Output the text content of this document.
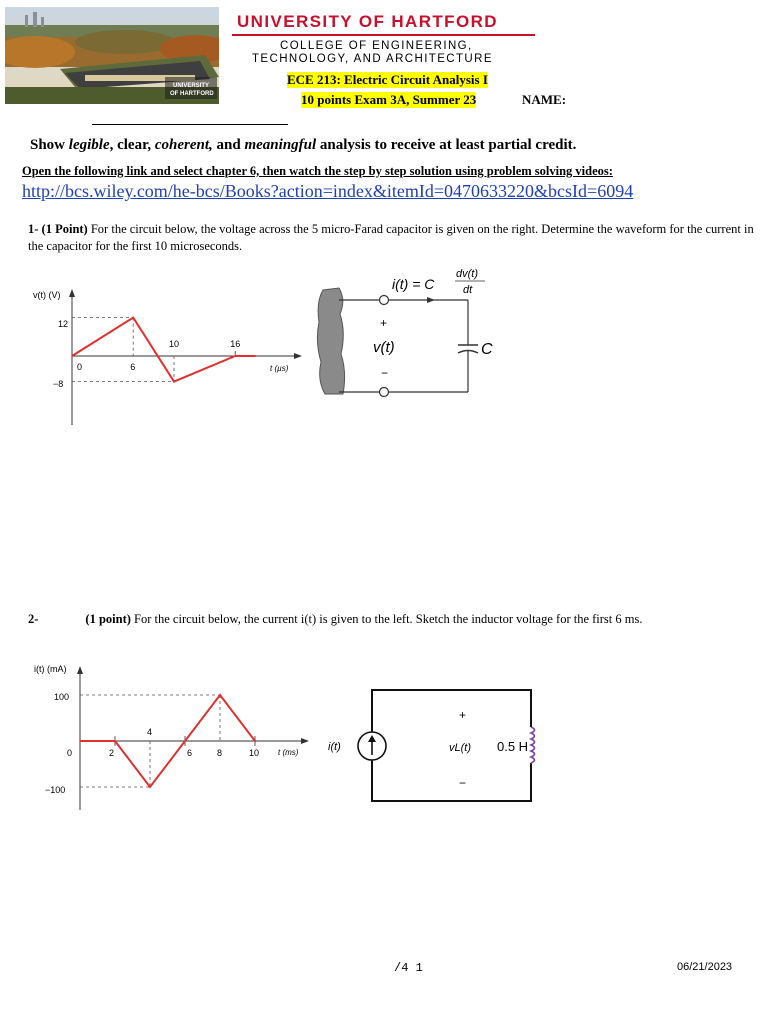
UNIVERSITY
OF HARTFORD
UNIVERSITY OF HARTFORD
COLLEGE OF ENGINEERING,
TECHNOLOGY, AND ARCHITECTURE
ECE 213: Electric Circuit Analysis I
10 points Exam 3A, Summer 23	NAME:
Show legible, clear, coherent, and meaningful analysis to receive at least partial credit.
Open the following link and select chapter 6, then watch the step by step solution using problem solving videos:
http://bcs.wiley.com/he-bcs/Books?action=index&itemId=0470633220&bcsId=6094
1- (1 Point) For the circuit below, the voltage across the 5 micro-Farad capacitor is given on the right. Determine the waveform for the current in the capacitor for the first 10 microseconds.
v(t) (V)
12
−8
0	6
10	16
t (µs)
i(t) = C
dv(t)
dt
+
v(t)
−
C
2-	(1 point) For the circuit below, the current i(t) is given to the left. Sketch the inductor voltage for the first 6 ms.
i(t) (mA)
100
0
−100
2
4
6	8	10 t (ms)	i(t)
+
vL(t)
−
0.5 H
/4 1	06/21/2023
